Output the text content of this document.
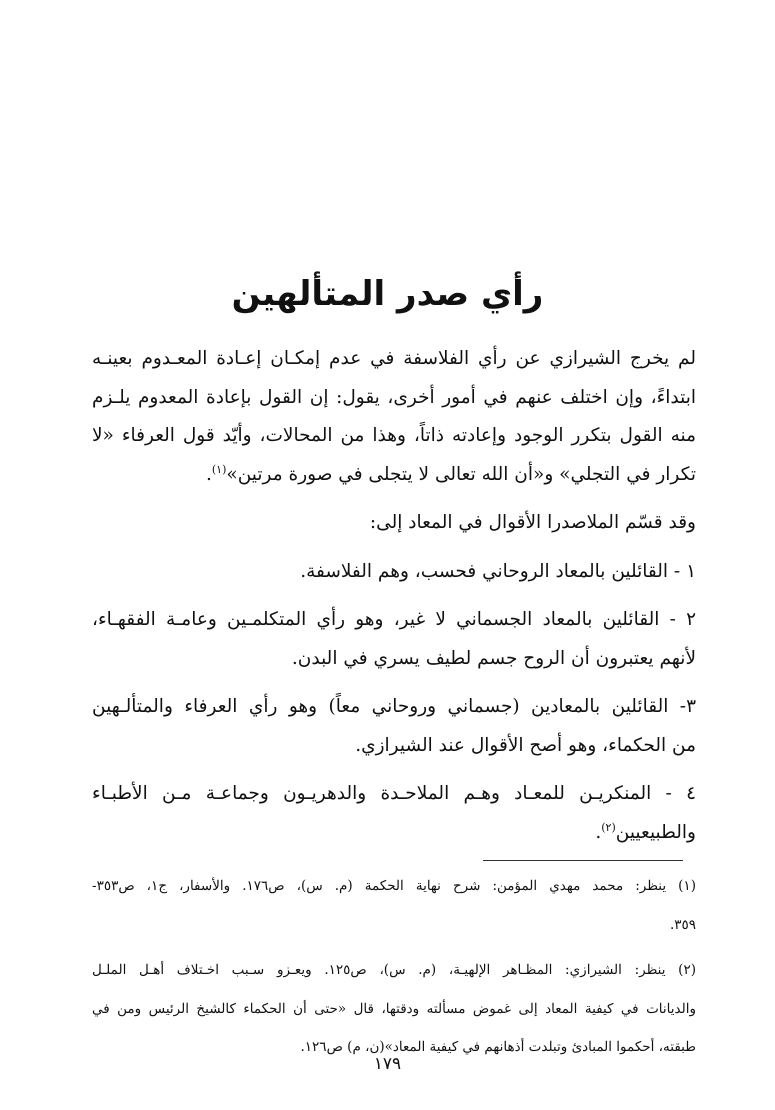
رأي صدر المتألهين
لم يخرج الشيرازي عن رأي الفلاسفة في عدم إمكـان إعـادة المعـدوم بعينـه
ابتداءً، وإن اختلف عنهم في أمور أخرى، يقول: إن القول بإعادة المعدوم يلـزم
منه القول بتكرر الوجود وإعادته ذاتاً، وهذا من المحالات، وأيّد قول العرفاء «لا
تكرار في التجلي» و«أن الله تعالى لا يتجلى في صورة مرتين»$^{(١)}$.
وقد قسّم الملاصدرا الأقوال في المعاد إلى:
١ - القائلين بالمعاد الروحاني فحسب، وهم الفلاسفة.
٢ - القائلين بالمعاد الجسماني لا غير، وهو رأي المتكلمـين وعامـة الفقهـاء،
لأنهم يعتبرون أن الروح جسم لطيف يسري في البدن.
٣- القائلين بالمعادين (جسماني وروحاني معاً) وهو رأي العرفاء والمتألـهين
من الحكماء، وهو أصح الأقوال عند الشيرازي.
٤ - المنكريـن للمعـاد وهـم الملاحـدة والدهريـون وجماعـة مـن الأطبـاء
والطبيعيين$^{(٢)}$.
(١) ينظر: محمد مهدي المؤمن: شرح نهاية الحكمة (م. س)، ص١٧٦. والأسفار، ج١، ص٣٥٣-
٣٥٩.
(٢) ينظر: الشيرازي: المظـاهر الإلهيـة، (م. س)، ص١٢٥. ويعـزو سـبب اخـتلاف أهـل الملـل
والديانات في كيفية المعاد إلى غموض مسألته ودقتها، قال «حتى أن الحكماء كالشيخ الرئيس ومن في
طبقته، أحكموا المبادئ وتبلدت أذهانهم في كيفية المعاد»(ن، م) ص١٢٦.
١٧٩
